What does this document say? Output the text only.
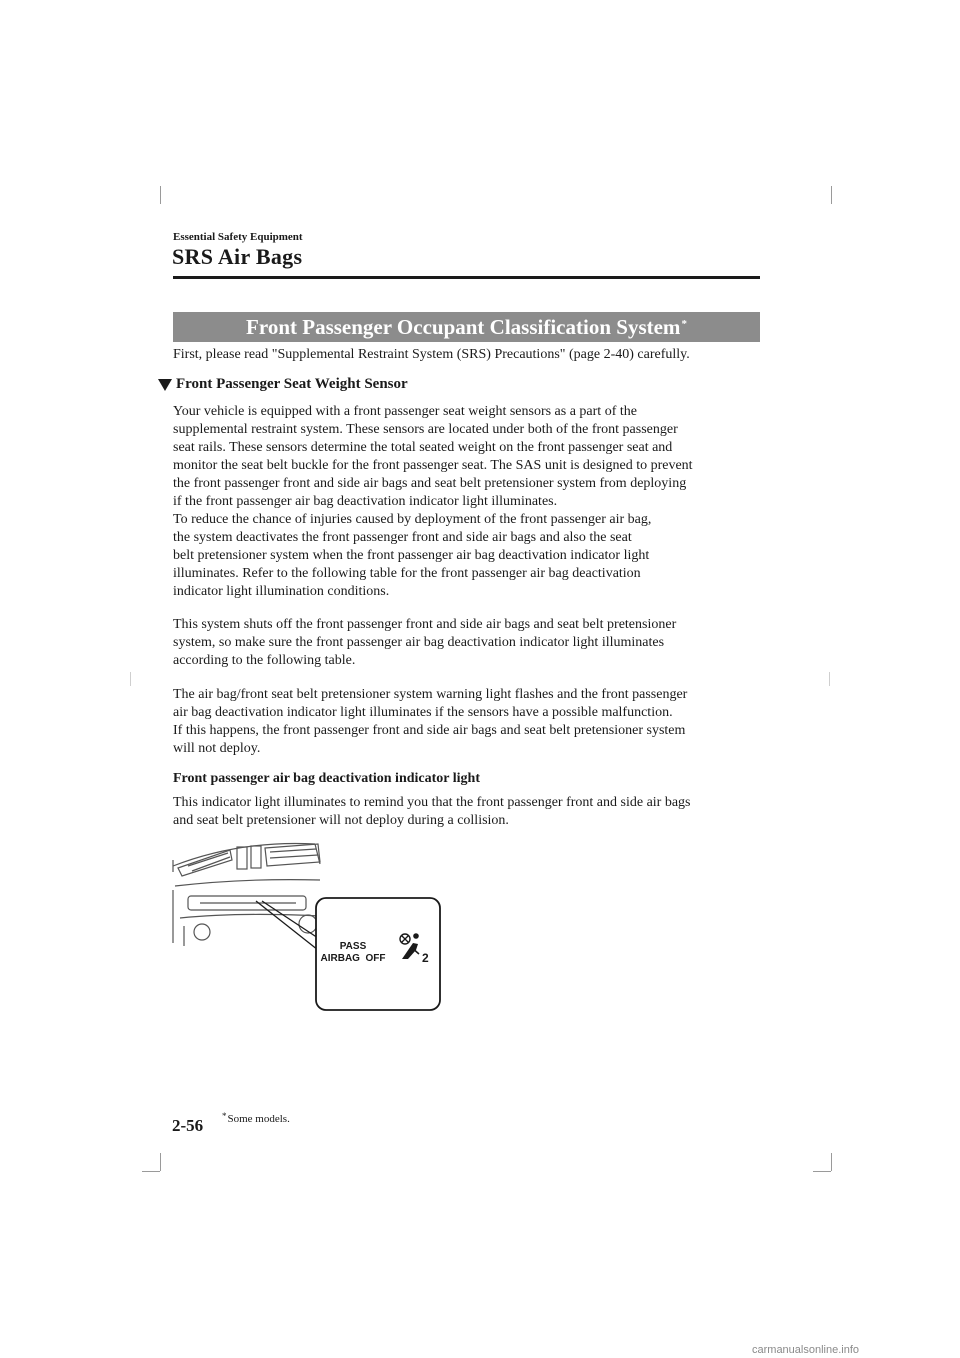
Essential Safety Equipment
SRS Air Bags
Front Passenger Occupant Classification System*

First, please read "Supplemental Restraint System (SRS) Precautions" (page 2-40) carefully.

Front Passenger Seat Weight Sensor

Your vehicle is equipped with a front passenger seat weight sensors as a part of the
supplemental restraint system. These sensors are located under both of the front passenger
seat rails. These sensors determine the total seated weight on the front passenger seat and
monitor the seat belt buckle for the front passenger seat. The SAS unit is designed to prevent
the front passenger front and side air bags and seat belt pretensioner system from deploying
if the front passenger air bag deactivation indicator light illuminates.
To reduce the chance of injuries caused by deployment of the front passenger air bag,
the system deactivates the front passenger front and side air bags and also the seat
belt pretensioner system when the front passenger air bag deactivation indicator light
illuminates. Refer to the following table for the front passenger air bag deactivation
indicator light illumination conditions.

This system shuts off the front passenger front and side air bags and seat belt pretensioner
system, so make sure the front passenger air bag deactivation indicator light illuminates
according to the following table.

The air bag/front seat belt pretensioner system warning light flashes and the front passenger
air bag deactivation indicator light illuminates if the sensors have a possible malfunction.
If this happens, the front passenger front and side air bags and seat belt pretensioner system
will not deploy.

Front passenger air bag deactivation indicator light

This indicator light illuminates to remind you that the front passenger front and side air bags
and seat belt pretensioner will not deploy during a collision.

PASS
AIRBAG  OFF	2
2-56 *Some models.
carmanualsonline.info
